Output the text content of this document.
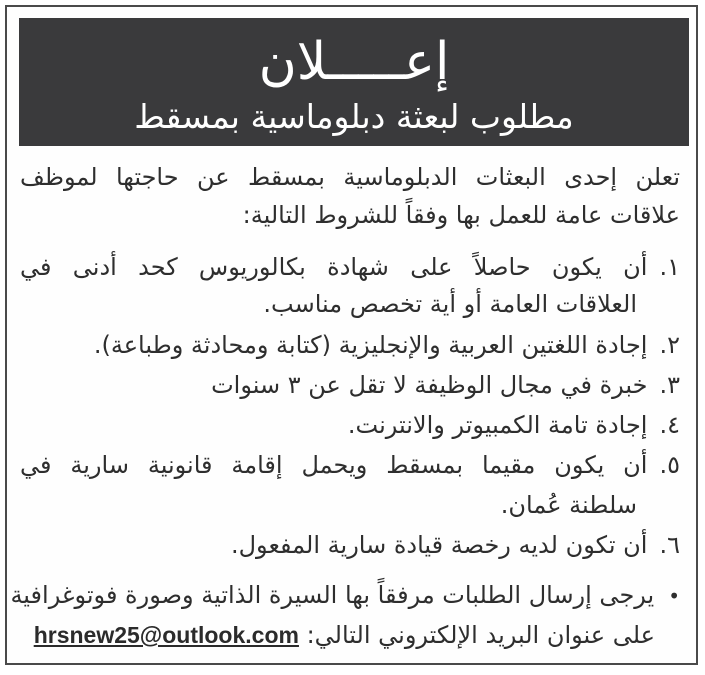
إعـــــلان
مطلوب لبعثة دبلوماسية بمسقط
تعلن إحدى البعثات الدبلوماسية بمسقط عن حاجتها لموظف
علاقات عامة للعمل بها وفقاً للشروط التالية:
١.أن يكون حاصلاً على شهادة بكالوريوس كحد أدنى في
العلاقات العامة أو أية تخصص مناسب.
٢.إجادة اللغتين العربية والإنجليزية (كتابة ومحادثة وطباعة).
٣.خبرة في مجال الوظيفة لا تقل عن ٣ سنوات
٤.إجادة تامة الكمبيوتر والانترنت.
٥.أن يكون مقيما بمسقط ويحمل إقامة قانونية سارية في
سلطنة عُمان.
٦.أن تكون لديه رخصة قيادة سارية المفعول.
•يرجى إرسال الطلبات مرفقاً بها السيرة الذاتية وصورة فوتوغرافية
على عنوان البريد الإلكتروني التالي: hrsnew25@outlook.com
